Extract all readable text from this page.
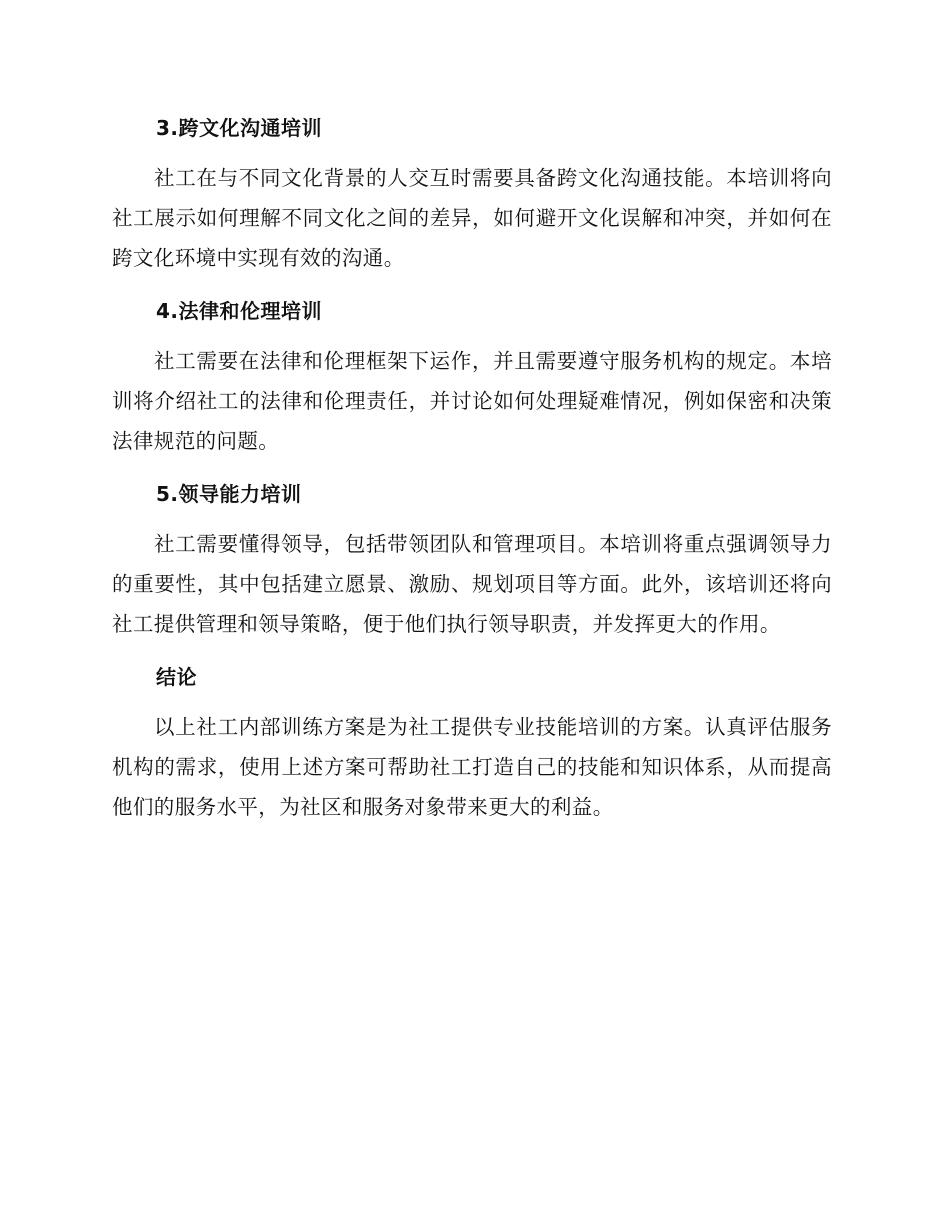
3.跨文化沟通培训

社工在与不同文化背景的人交互时需要具备跨文化沟通技能。本培训将向社工展示如何理解不同文化之间的差异，如何避开文化误解和冲突，并如何在跨文化环境中实现有效的沟通。

4.法律和伦理培训

社工需要在法律和伦理框架下运作，并且需要遵守服务机构的规定。本培训将介绍社工的法律和伦理责任，并讨论如何处理疑难情况，例如保密和决策法律规范的问题。

5.领导能力培训

社工需要懂得领导，包括带领团队和管理项目。本培训将重点强调领导力的重要性，其中包括建立愿景、激励、规划项目等方面。此外，该培训还将向社工提供管理和领导策略，便于他们执行领导职责，并发挥更大的作用。

结论

以上社工内部训练方案是为社工提供专业技能培训的方案。认真评估服务机构的需求，使用上述方案可帮助社工打造自己的技能和知识体系，从而提高他们的服务水平，为社区和服务对象带来更大的利益。
